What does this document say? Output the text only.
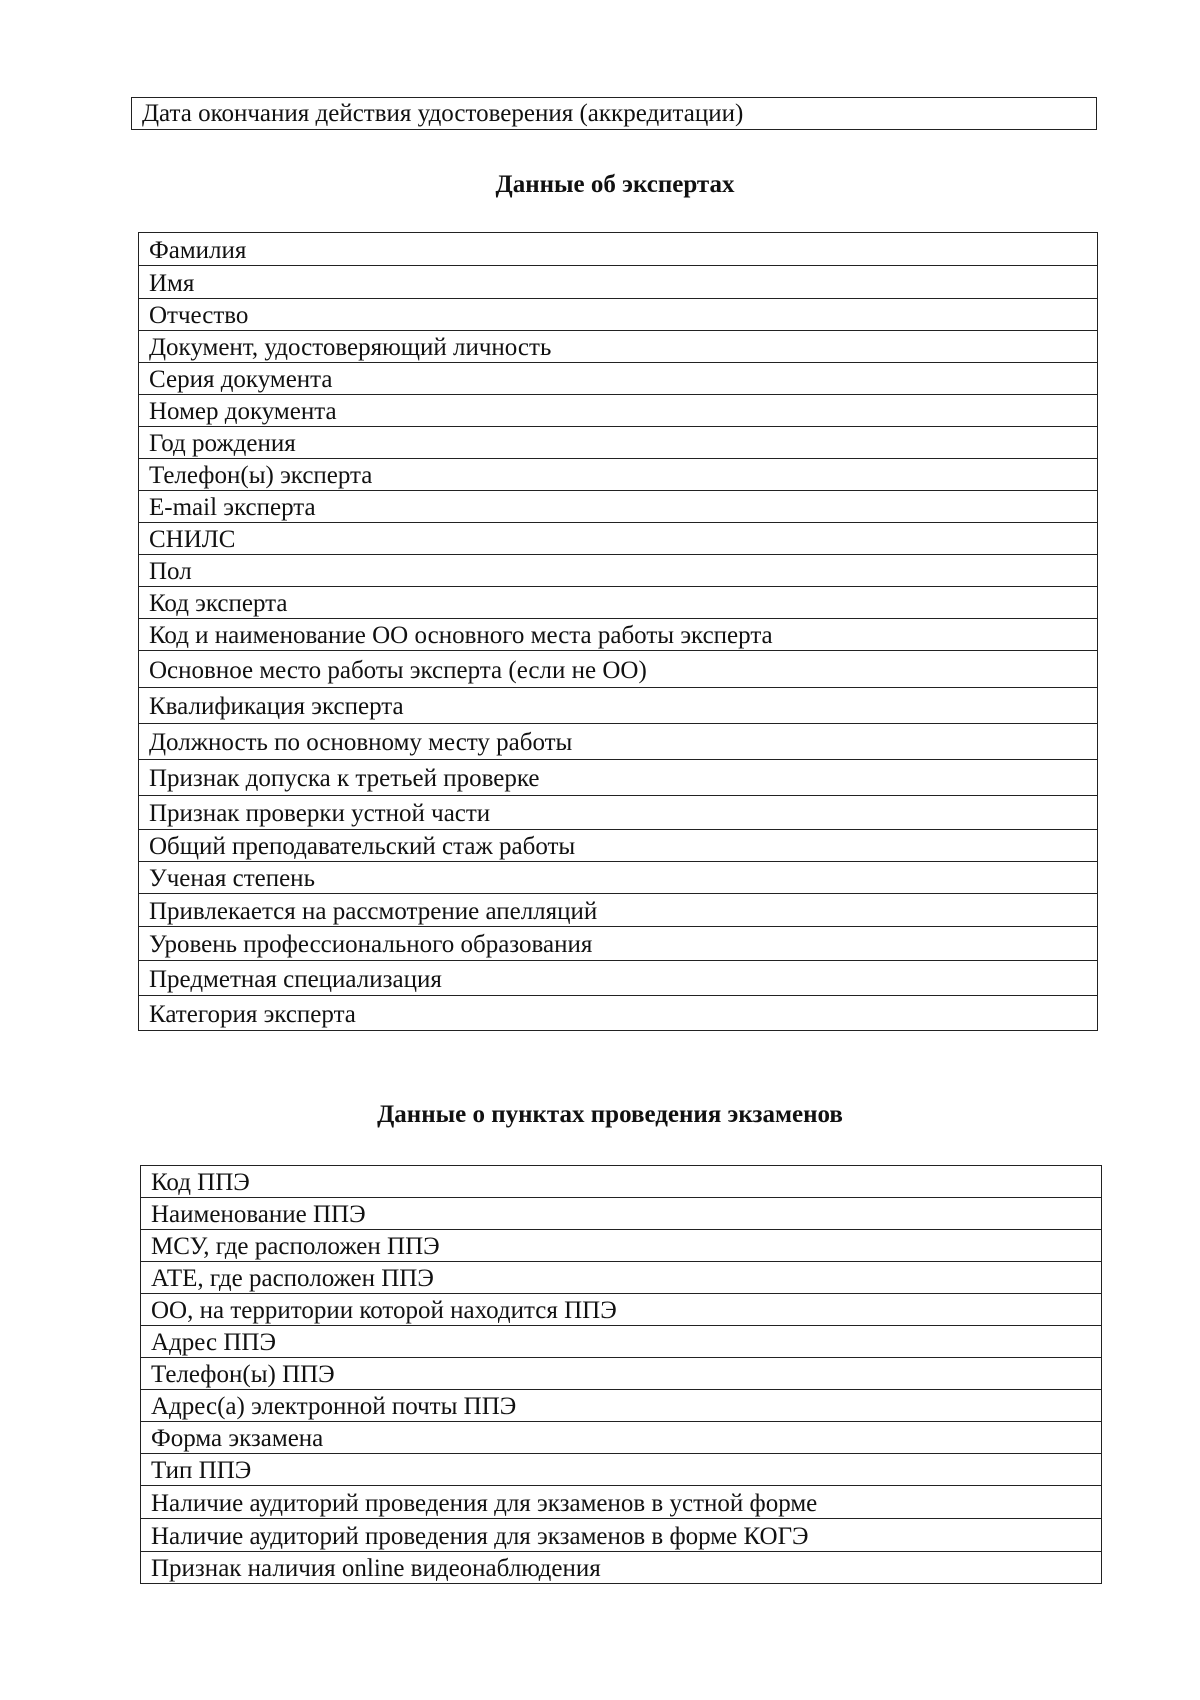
Дата окончания действия удостоверения (аккредитации)
Данные об экспертах
Фамилия
Имя
Отчество
Документ, удостоверяющий личность
Серия документа
Номер документа
Год рождения
Телефон(ы) эксперта
E-mail эксперта
СНИЛС
Пол
Код эксперта
Код и наименование ОО основного места работы эксперта
Основное место работы эксперта (если не ОО)
Квалификация эксперта
Должность по основному месту работы
Признак допуска к третьей проверке
Признак проверки устной части
Общий преподавательский стаж работы
Ученая степень
Привлекается на рассмотрение апелляций
Уровень профессионального образования
Предметная специализация
Категория эксперта
Данные о пунктах проведения экзаменов
Код ППЭ
Наименование ППЭ
МСУ, где расположен ППЭ
АТЕ, где расположен ППЭ
ОО, на территории которой находится ППЭ
Адрес ППЭ
Телефон(ы) ППЭ
Адрес(а) электронной почты ППЭ
Форма экзамена
Тип ППЭ
Наличие аудиторий проведения для экзаменов в устной форме
Наличие аудиторий проведения для экзаменов в форме КОГЭ
Признак наличия online видеонаблюдения
